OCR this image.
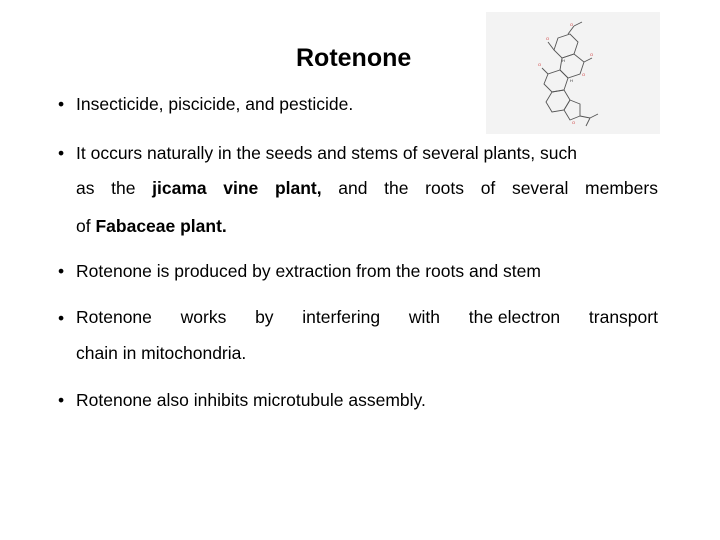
Rotenone
O
O
H
H
O
O
O
O
• Insecticide, piscicide, and pesticide.
• It occurs naturally in the seeds and stems of several plants, such
as the jicama vine plant, and the roots of several members
of Fabaceae plant.
• Rotenone is produced by extraction from the roots and stem
• Rotenone works by interfering with the electron transport
chain in mitochondria.
• Rotenone also inhibits microtubule assembly.
